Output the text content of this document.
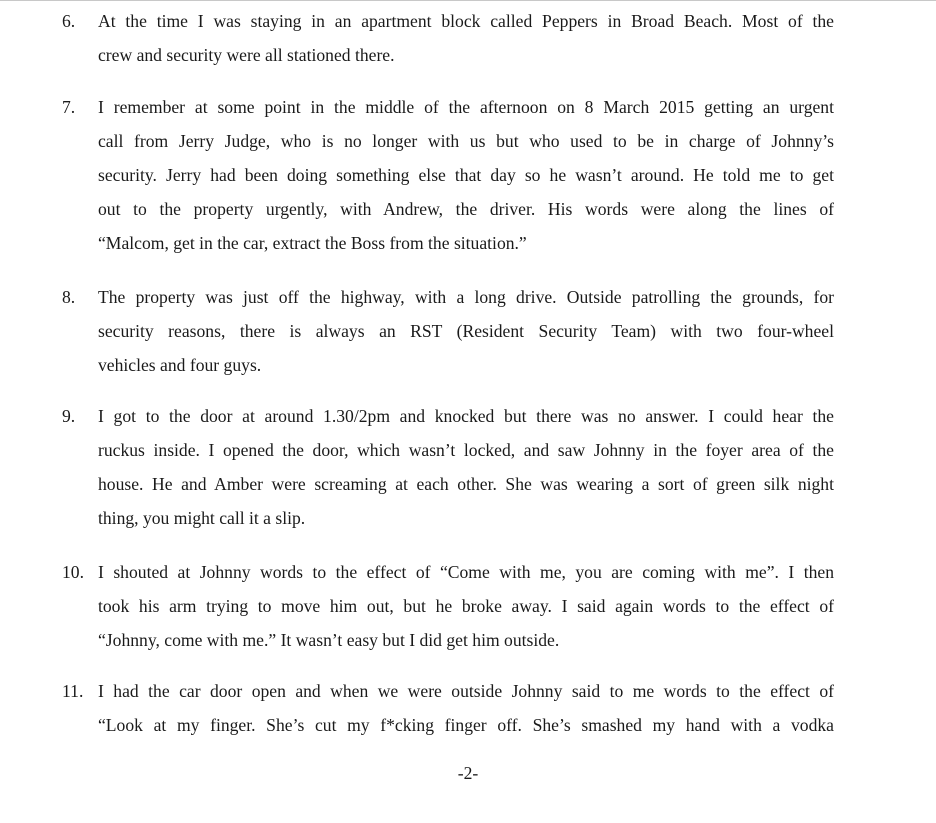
6.	At the time I was staying in an apartment block called Peppers in Broad Beach. Most of the
crew and security were all stationed there.
7.	I remember at some point in the middle of the afternoon on 8 March 2015 getting an urgent
call from Jerry Judge, who is no longer with us but who used to be in charge of Johnny’s
security. Jerry had been doing something else that day so he wasn’t around. He told me to get
out to the property urgently, with Andrew, the driver. His words were along the lines of
“Malcom, get in the car, extract the Boss from the situation.”
8.	The property was just off the highway, with a long drive. Outside patrolling the grounds, for
security reasons, there is always an RST (Resident Security Team) with two four-wheel
vehicles and four guys.
9.	I got to the door at around 1.30/2pm and knocked but there was no answer. I could hear the
ruckus inside. I opened the door, which wasn’t locked, and saw Johnny in the foyer area of the
house. He and Amber were screaming at each other. She was wearing a sort of green silk night
thing, you might call it a slip.
10. I shouted at Johnny words to the effect of “Come with me, you are coming with me”. I then
took his arm trying to move him out, but he broke away. I said again words to the effect of
“Johnny, come with me.” It wasn’t easy but I did get him outside.
11. I had the car door open and when we were outside Johnny said to me words to the effect of
“Look at my finger. She’s cut my f*cking finger off. She’s smashed my hand with a vodka
-2-
